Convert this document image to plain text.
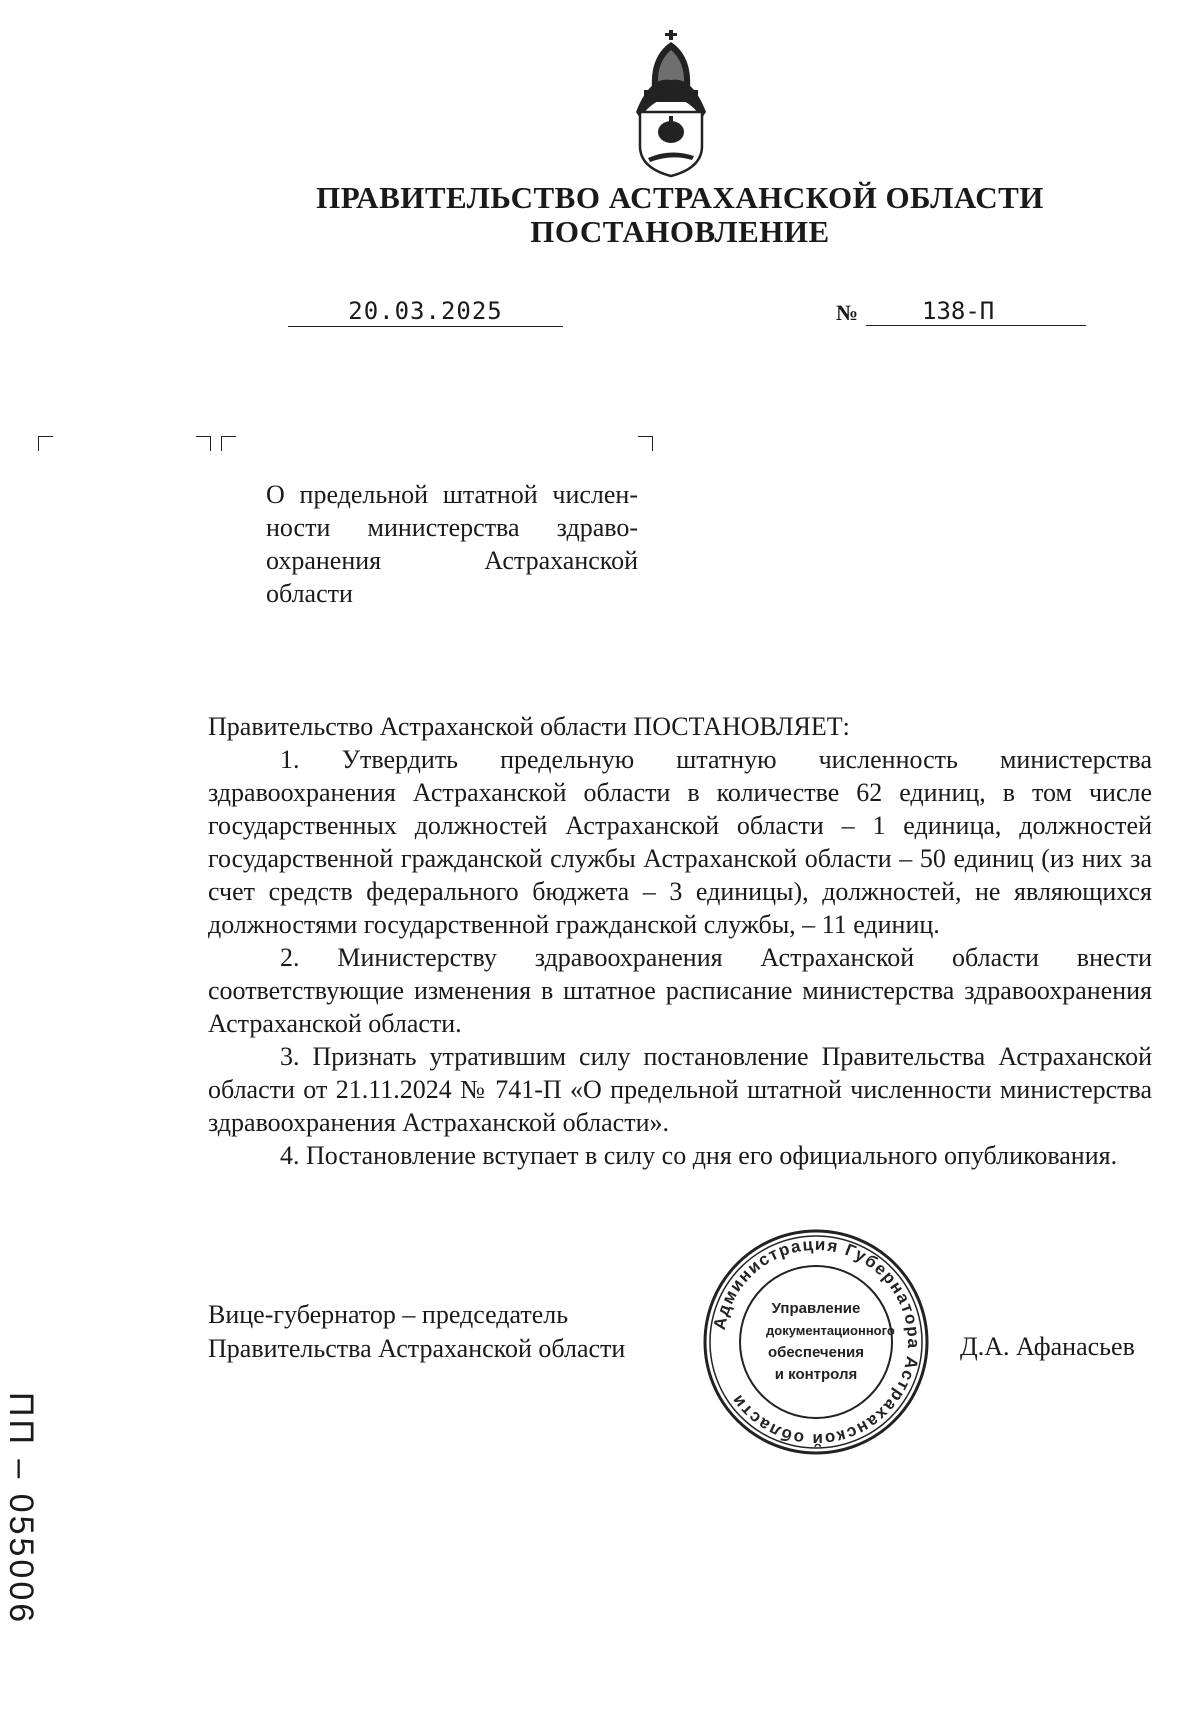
ПРАВИТЕЛЬСТВО АСТРАХАНСКОЙ ОБЛАСТИ
ПОСТАНОВЛЕНИЕ
20.03.2025	№	138-П
О предельной штатной числен-
ности министерства здраво-
охранения Астраханской
области

Правительство Астраханской области ПОСТАНОВЛЯЕТ:

1. Утвердить предельную штатную численность министерства здравоохранения Астраханской области в количестве 62 единиц, в том числе государственных должностей Астраханской области – 1 единица, должностей государственной гражданской службы Астраханской области – 50 единиц (из них за счет средств федерального бюджета – 3 единицы), должностей, не являющихся должностями государственной гражданской службы, – 11 единиц.

2. Министерству здравоохранения Астраханской области внести соответствующие изменения в штатное расписание министерства здравоохранения Астраханской области.

3. Признать утратившим силу постановление Правительства Астраханской области от 21.11.2024 № 741-П «О предельной штатной численности министерства здравоохранения Астраханской области».

4. Постановление вступает в силу со дня его официального опубликования.

Вице-губернатор – председатель
Правительства Астраханской области
Администрация Губернатора Астраханской области
Управление
документационного
обеспечения
и контроля
Д.А. Афанасьев
ПП – 055006
